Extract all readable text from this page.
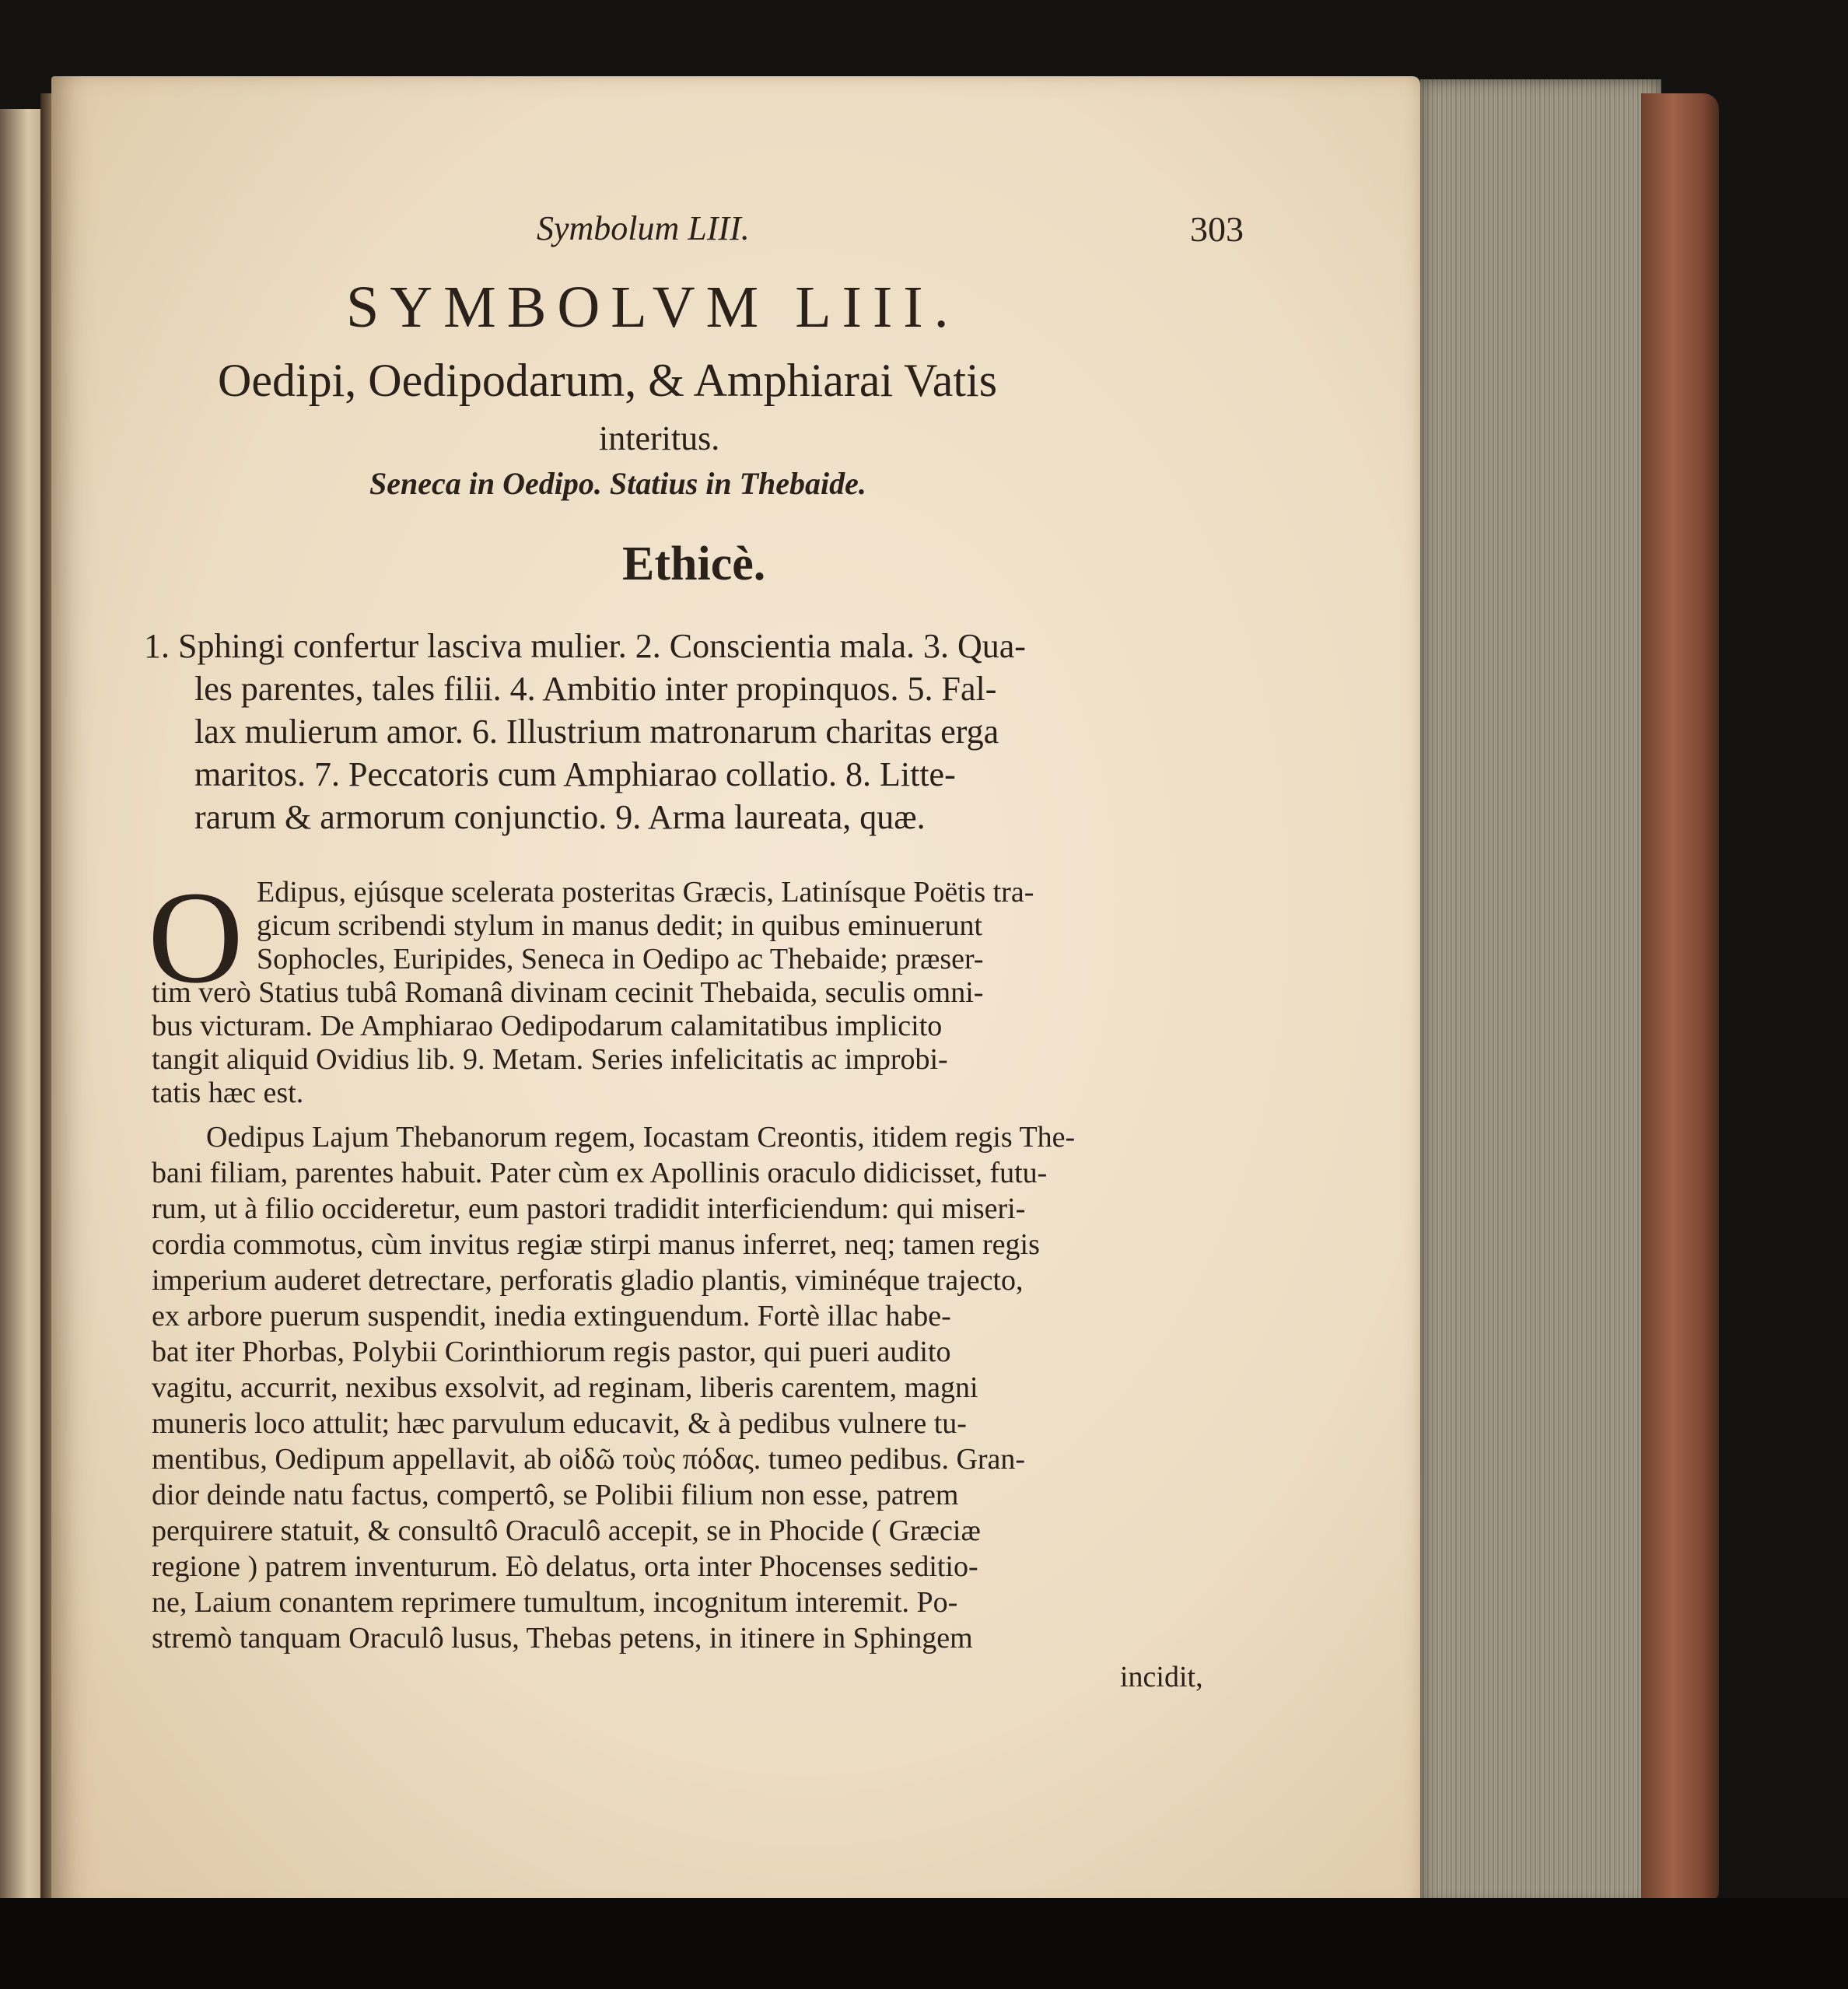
Symbolum LIII.	303
SYMBOLVM LIII.
Oedipi, Oedipodarum, & Amphiarai Vatis
interitus.
Seneca in Oedipo. Statius in Thebaide.
Ethicè.
1. Sphingi confertur lasciva mulier. 2. Conscientia mala. 3. Qua-
les parentes, tales filii. 4. Ambitio inter propinquos. 5. Fal-
lax mulierum amor. 6. Illustrium matronarum charitas erga
maritos. 7. Peccatoris cum Amphiarao collatio. 8. Litte-
rarum & armorum conjunctio. 9. Arma laureata, quæ.
O Edipus, ejúsque scelerata posteritas Græcis, Latinísque Poëtis tra-
gicum scribendi stylum in manus dedit; in quibus eminuerunt
Sophocles, Euripides, Seneca in Oedipo ac Thebaide; præser-
tim verò Statius tubâ Romanâ divinam cecinit Thebaida, seculis omni-
bus victuram. De Amphiarao Oedipodarum calamitatibus implicito
tangit aliquid Ovidius lib. 9. Metam. Series infelicitatis ac improbi-
tatis hæc est.
Oedipus Lajum Thebanorum regem, Iocastam Creontis, itidem regis The-
bani filiam, parentes habuit. Pater cùm ex Apollinis oraculo didicisset, futu-
rum, ut à filio occideretur, eum pastori tradidit interficiendum: qui miseri-
cordia commotus, cùm invitus regiæ stirpi manus inferret, neq; tamen regis
imperium auderet detrectare, perforatis gladio plantis, viminéque trajecto,
ex arbore puerum suspendit, inedia extinguendum. Fortè illac habe-
bat iter Phorbas, Polybii Corinthiorum regis pastor, qui pueri audito
vagitu, accurrit, nexibus exsolvit, ad reginam, liberis carentem, magni
muneris loco attulit; hæc parvulum educavit, & à pedibus vulnere tu-
mentibus, Oedipum appellavit, ab οἰδῶ τοὺς πόδας. tumeo pedibus. Gran-
dior deinde natu factus, compertô, se Polibii filium non esse, patrem
perquirere statuit, & consultô Oraculô accepit, se in Phocide ( Græciæ
regione ) patrem inventurum. Eò delatus, orta inter Phocenses seditio-
ne, Laium conantem reprimere tumultum, incognitum interemit. Po-
stremò tanquam Oraculô lusus, Thebas petens, in itinere in Sphingem
incidit,
